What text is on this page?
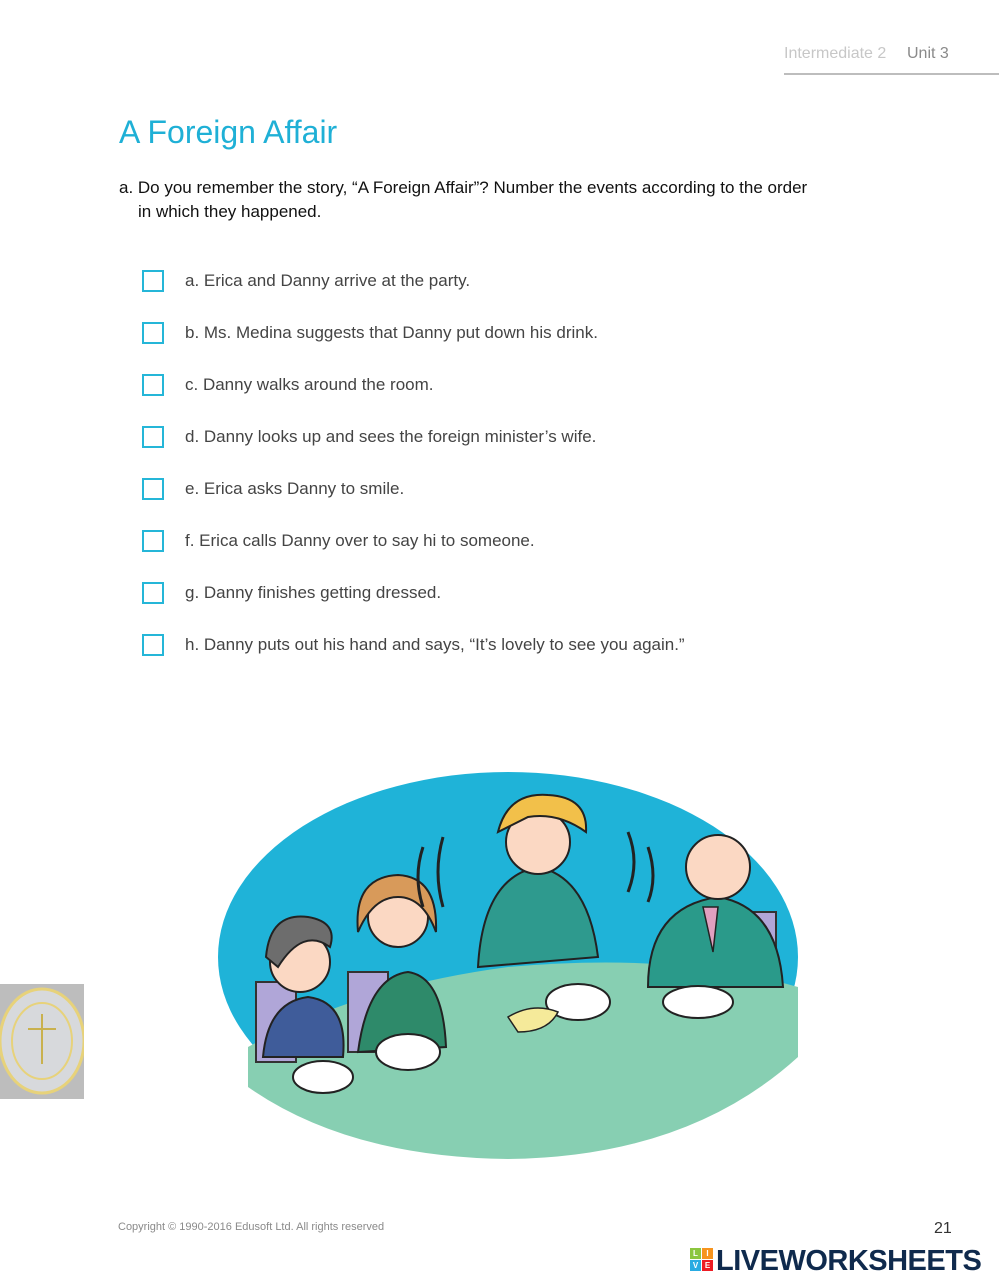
Intermediate 2 Unit 3
A Foreign Affair
a. Do you remember the story, “A Foreign Affair”? Number the events according to the order
in which they happened.
a. Erica and Danny arrive at the party.
b. Ms. Medina suggests that Danny put down his drink.
c. Danny walks around the room.
d. Danny looks up and sees the foreign minister’s wife.
e. Erica asks Danny to smile.
f. Erica calls Danny over to say hi to someone.
g. Danny finishes getting dressed.
h. Danny puts out his hand and says, “It’s lovely to see you again.”
Copyright © 1990-2016 Edusoft Ltd. All rights reserved	21
L	I
V E LIVEWORKSHEETS
